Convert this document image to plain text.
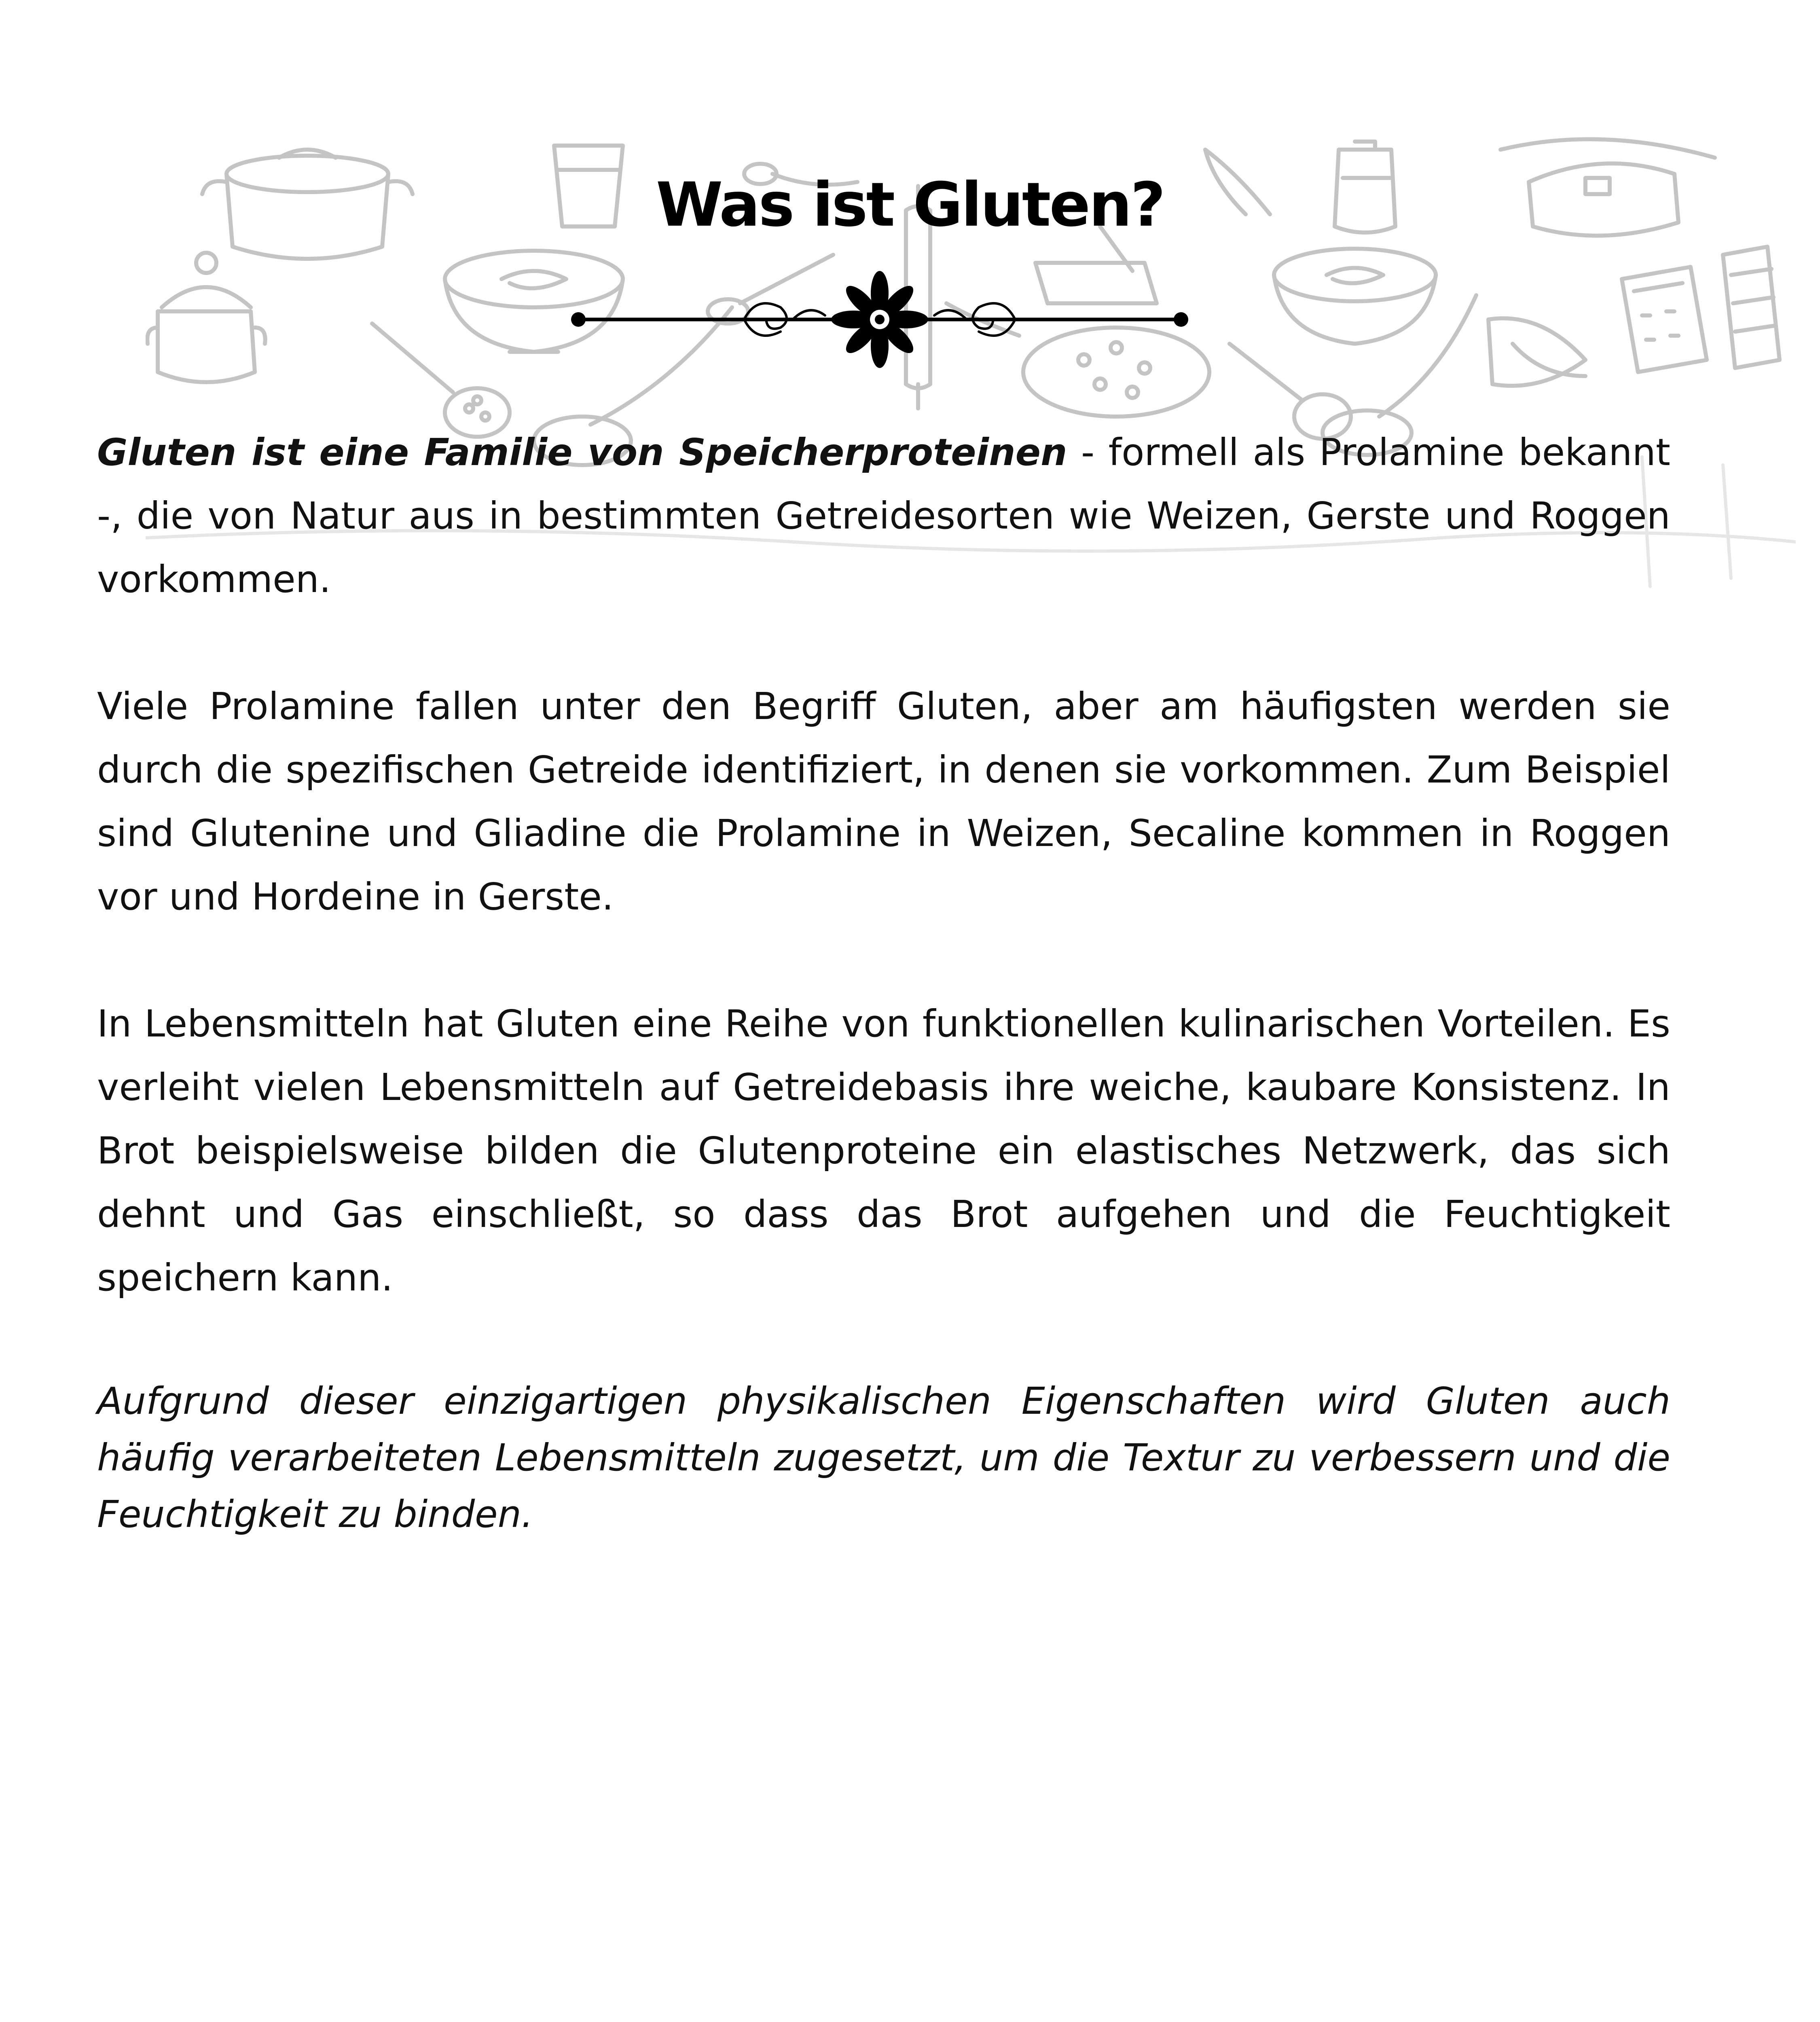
Was ist Gluten?

Gluten ist eine Familie von Speicherproteinen - formell als Prolamine bekannt -, die von Natur aus in bestimmten Getreidesorten wie Weizen, Gerste und Roggen vorkommen.

Viele Prolamine fallen unter den Begriff Gluten, aber am häufigsten werden sie durch die spezifischen Getreide identifiziert, in denen sie vorkommen. Zum Beispiel sind Glutenine und Gliadine die Prolamine in Weizen, Secaline kommen in Roggen vor und Hordeine in Gerste.

In Lebensmitteln hat Gluten eine Reihe von funktionellen kulinarischen Vorteilen. Es verleiht vielen Lebensmitteln auf Getreidebasis ihre weiche, kaubare Konsistenz. In Brot beispielsweise bilden die Glutenproteine ein elastisches Netzwerk, das sich dehnt und Gas einschließt, so dass das Brot aufgehen und die Feuchtigkeit speichern kann.

Aufgrund dieser einzigartigen physikalischen Eigenschaften wird Gluten auch häufig verarbeiteten Lebensmitteln zugesetzt, um die Textur zu verbessern und die Feuchtigkeit zu binden.
